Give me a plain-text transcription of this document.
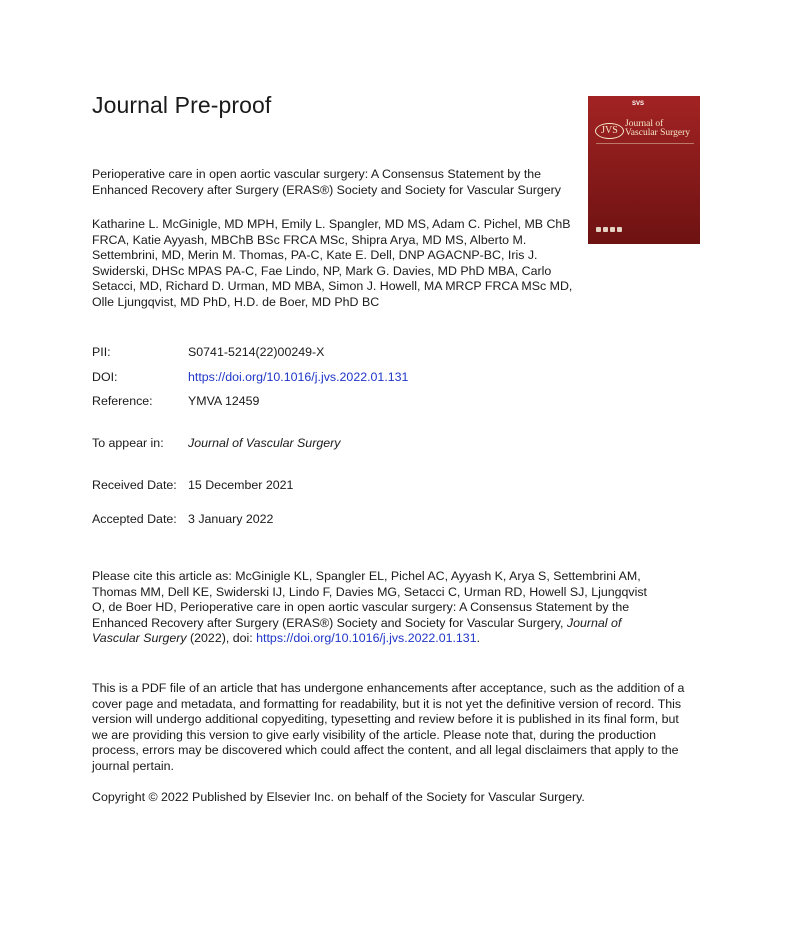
Journal Pre-proof	SVS
JVS
Journal of
Vascular Surgery
Perioperative care in open aortic vascular surgery: A Consensus Statement by the Enhanced Recovery after Surgery (ERAS®) Society and Society for Vascular Surgery
Katharine L. McGinigle, MD MPH, Emily L. Spangler, MD MS, Adam C. Pichel, MB ChB FRCA, Katie Ayyash, MBChB BSc FRCA MSc, Shipra Arya, MD MS, Alberto M. Settembrini, MD, Merin M. Thomas, PA-C, Kate E. Dell, DNP AGACNP-BC, Iris J. Swiderski, DHSc MPAS PA-C, Fae Lindo, NP, Mark G. Davies, MD PhD MBA, Carlo Setacci, MD, Richard D. Urman, MD MBA, Simon J. Howell, MA MRCP FRCA MSc MD, Olle Ljungqvist, MD PhD, H.D. de Boer, MD PhD BC
PII:	S0741-5214(22)00249-X
DOI:	https://doi.org/10.1016/j.jvs.2022.01.131
Reference:	YMVA 12459
To appear in: Journal of Vascular Surgery
Received Date: 15 December 2021
Accepted Date: 3 January 2022
Please cite this article as: McGinigle KL, Spangler EL, Pichel AC, Ayyash K, Arya S, Settembrini AM, Thomas MM, Dell KE, Swiderski IJ, Lindo F, Davies MG, Setacci C, Urman RD, Howell SJ, Ljungqvist O, de Boer HD, Perioperative care in open aortic vascular surgery: A Consensus Statement by the Enhanced Recovery after Surgery (ERAS®) Society and Society for Vascular Surgery, Journal of Vascular Surgery (2022), doi: https://doi.org/10.1016/j.jvs.2022.01.131.
This is a PDF file of an article that has undergone enhancements after acceptance, such as the addition of a cover page and metadata, and formatting for readability, but it is not yet the definitive version of record. This version will undergo additional copyediting, typesetting and review before it is published in its final form, but we are providing this version to give early visibility of the article. Please note that, during the production process, errors may be discovered which could affect the content, and all legal disclaimers that apply to the journal pertain.
Copyright © 2022 Published by Elsevier Inc. on behalf of the Society for Vascular Surgery.
